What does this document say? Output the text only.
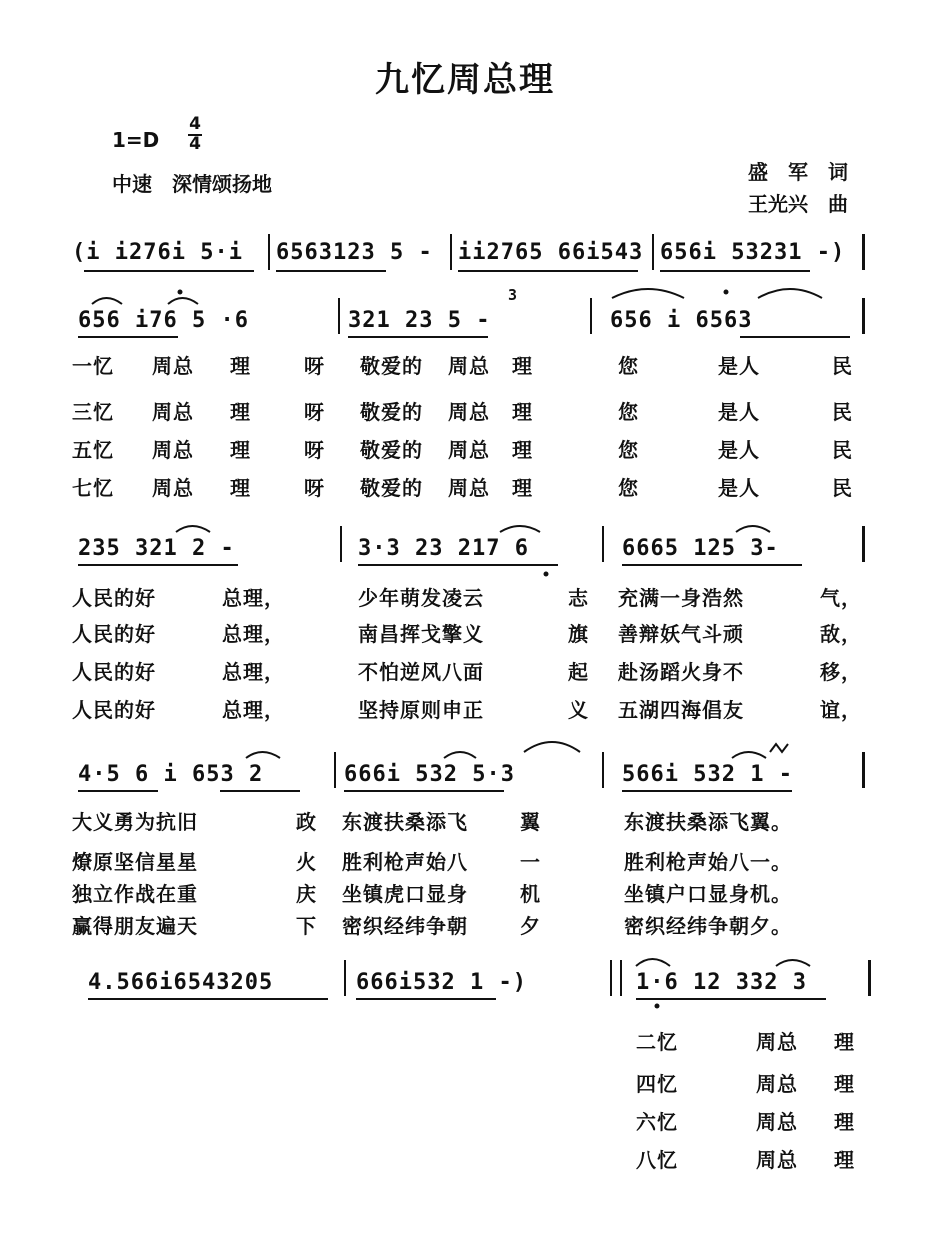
九忆周总理
1=D
4
4
中速　深情颂扬地	盛　军　词
王光兴　曲
(i i276i 5·i 6563123 5 - ii2765 66i543 656i 53231 -)
656 i76 5 ·6	321 23 5 -
3
656 i 6563
一忆 周总 理	呀 敬爱的 周总 理	您	是人	民
三忆 周总 理	呀 敬爱的 周总 理	您	是人	民
五忆 周总 理	呀 敬爱的 周总 理	您	是人	民
七忆 周总 理	呀 敬爱的 周总 理	您	是人	民
235 321 2 -	3·3 23 217 6	6665 125 3-
人民的好	总理，	少年萌发凌云	志 充满一身浩然	气，
人民的好	总理，	南昌挥戈擎义	旗 善辩妖气斗顽	敌，
人民的好	总理，	不怕逆风八面	起 赴汤蹈火身不	移，
人民的好	总理，	坚持原则申正	义 五湖四海倡友	谊，
4·5 6 i 653 2	666i 532 5·3	566i 532 1 -
大义勇为抗旧	政 东渡扶桑添飞	翼	东渡扶桑添飞翼。
燎原坚信星星	火 胜利枪声始八	一	胜利枪声始八一。
独立作战在重	庆 坐镇虎口显身	机	坐镇户口显身机。
赢得朋友遍天	下 密织经纬争朝	夕	密织经纬争朝夕。
4.566i6543205	666i532 1 -)	1·6 12 332 3
二忆	周总 理
四忆	周总 理
六忆	周总 理
八忆	周总 理
